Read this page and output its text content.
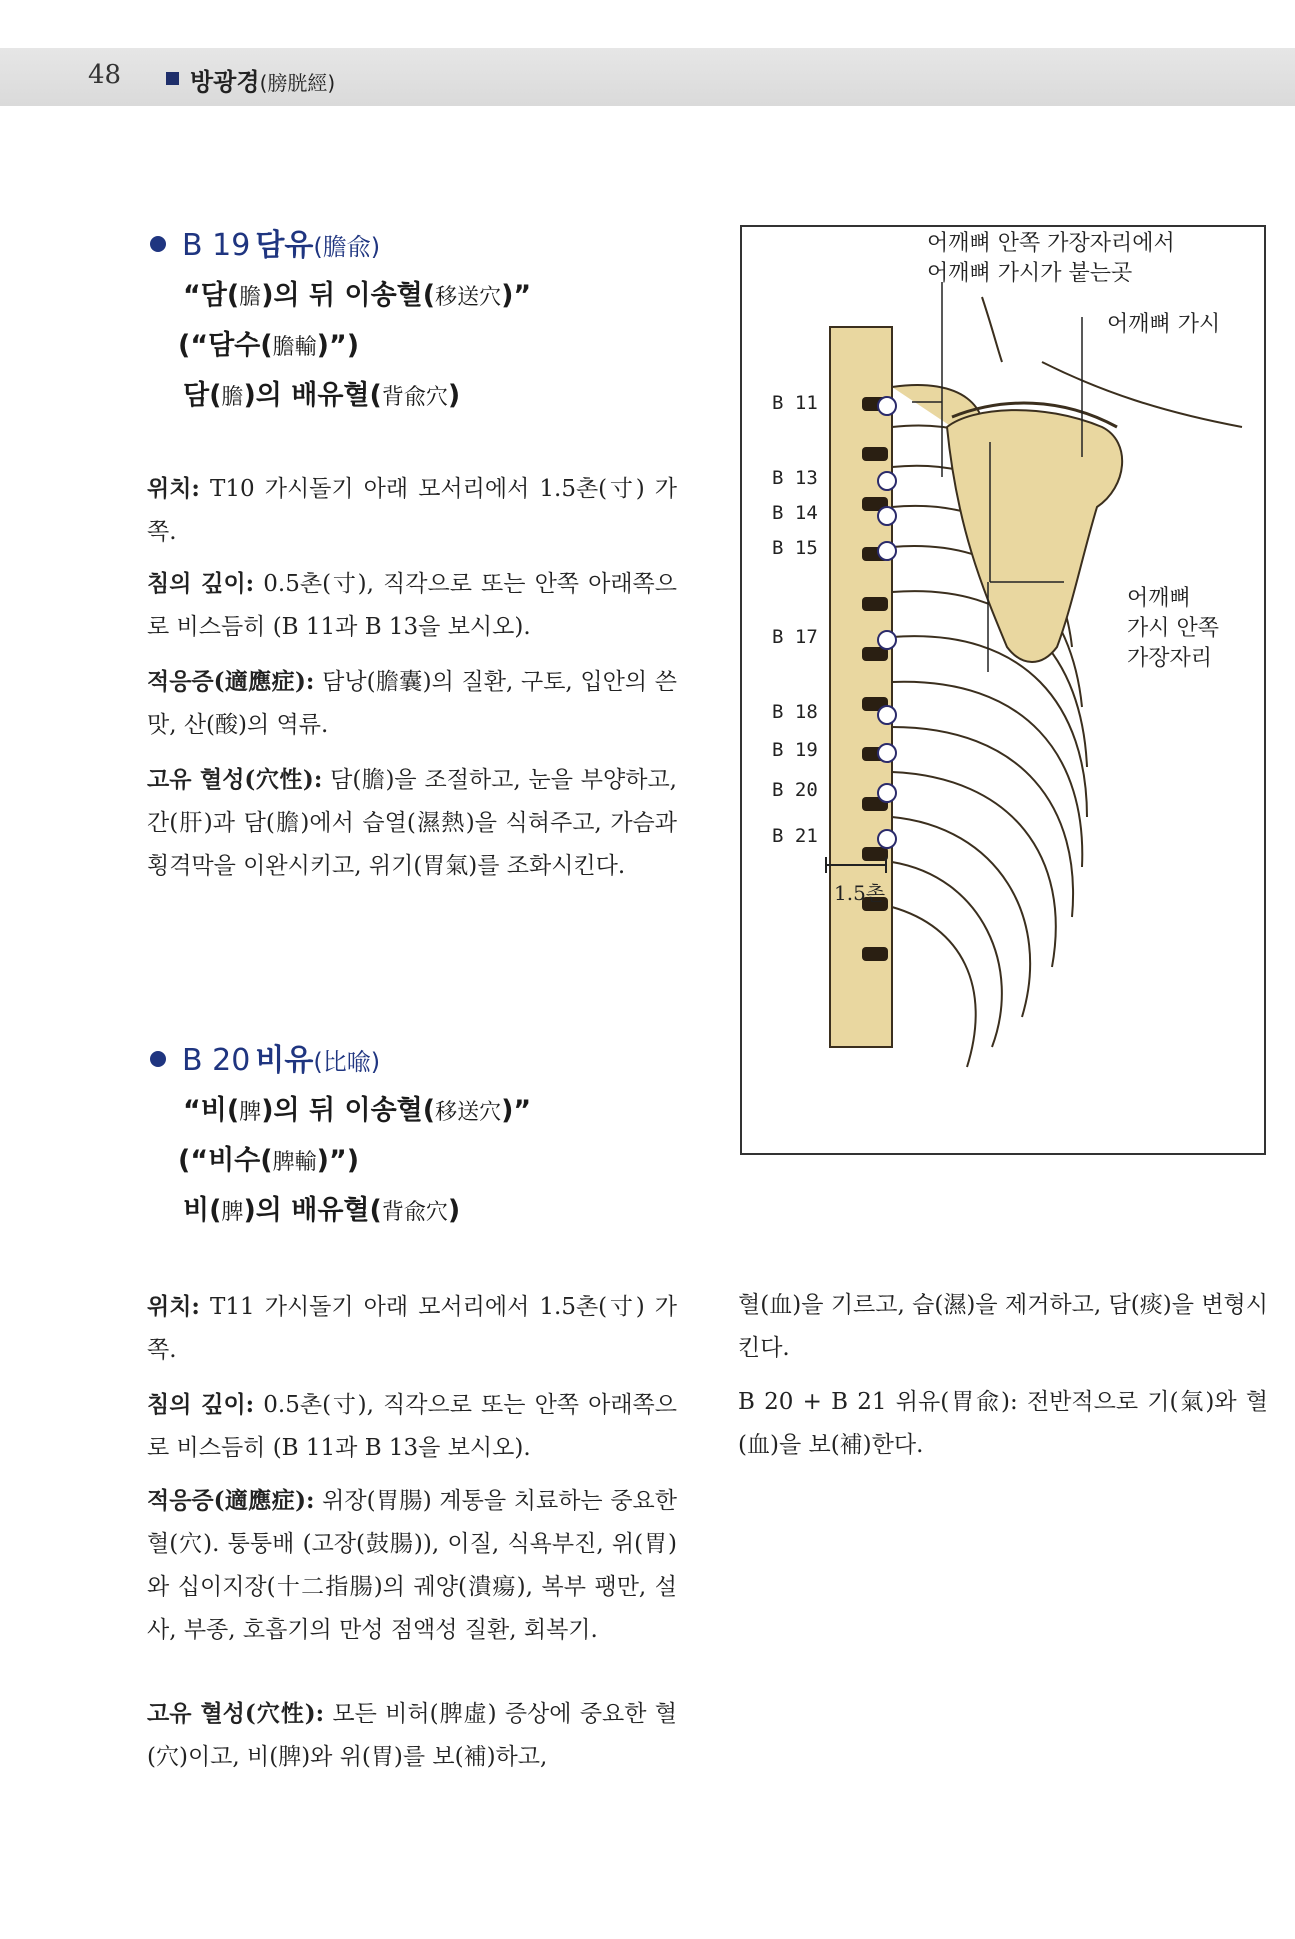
48	방광경(膀胱經)
B 19 담유(膽兪)
“담(膽)의 뒤 이송혈(移送穴)”
(“담수(膽輸)”)
담(膽)의 배유혈(背兪穴)

위치: T10 가시돌기 아래 모서리에서 1.5촌(寸) 가쪽.

침의 깊이: 0.5촌(寸), 직각으로 또는 안쪽 아래쪽으로 비스듬히 (B 11과 B 13을 보시오).

적응증(適應症): 담낭(膽囊)의 질환, 구토, 입안의 쓴맛, 산(酸)의 역류.

고유 혈성(穴性): 담(膽)을 조절하고, 눈을 부양하고, 간(肝)과 담(膽)에서 습열(濕熱)을 식혀주고, 가슴과 횡격막을 이완시키고, 위기(胃氣)를 조화시킨다.

B 20 비유(比喩)
“비(脾)의 뒤 이송혈(移送穴)”
(“비수(脾輸)”)
비(脾)의 배유혈(背兪穴)

위치: T11 가시돌기 아래 모서리에서 1.5촌(寸) 가쪽.

침의 깊이: 0.5촌(寸), 직각으로 또는 안쪽 아래쪽으로 비스듬히 (B 11과 B 13을 보시오).

적응증(適應症): 위장(胃腸) 계통을 치료하는 중요한 혈(穴). 퉁퉁배 (고장(鼓腸)), 이질, 식욕부진, 위(胃)와 십이지장(十二指腸)의 궤양(潰瘍), 복부 팽만, 설사, 부종, 호흡기의 만성 점액성 질환, 회복기.

고유 혈성(穴性): 모든 비허(脾虛) 증상에 중요한 혈(穴)이고, 비(脾)와 위(胃)를 보(補)하고,

혈(血)을 기르고, 습(濕)을 제거하고, 담(痰)을 변형시킨다.

B 20 + B 21 위유(胃兪): 전반적으로 기(氣)와 혈(血)을 보(補)한다.

어깨뼈 안쪽 가장자리에서
어깨뼈 가시가 붙는곳
어깨뼈 가시
어깨뼈
가시 안쪽
가장자리
B 11
B 13
B 14
B 15
B 17
B 18
B 19
B 20
B 21
1.5촌
